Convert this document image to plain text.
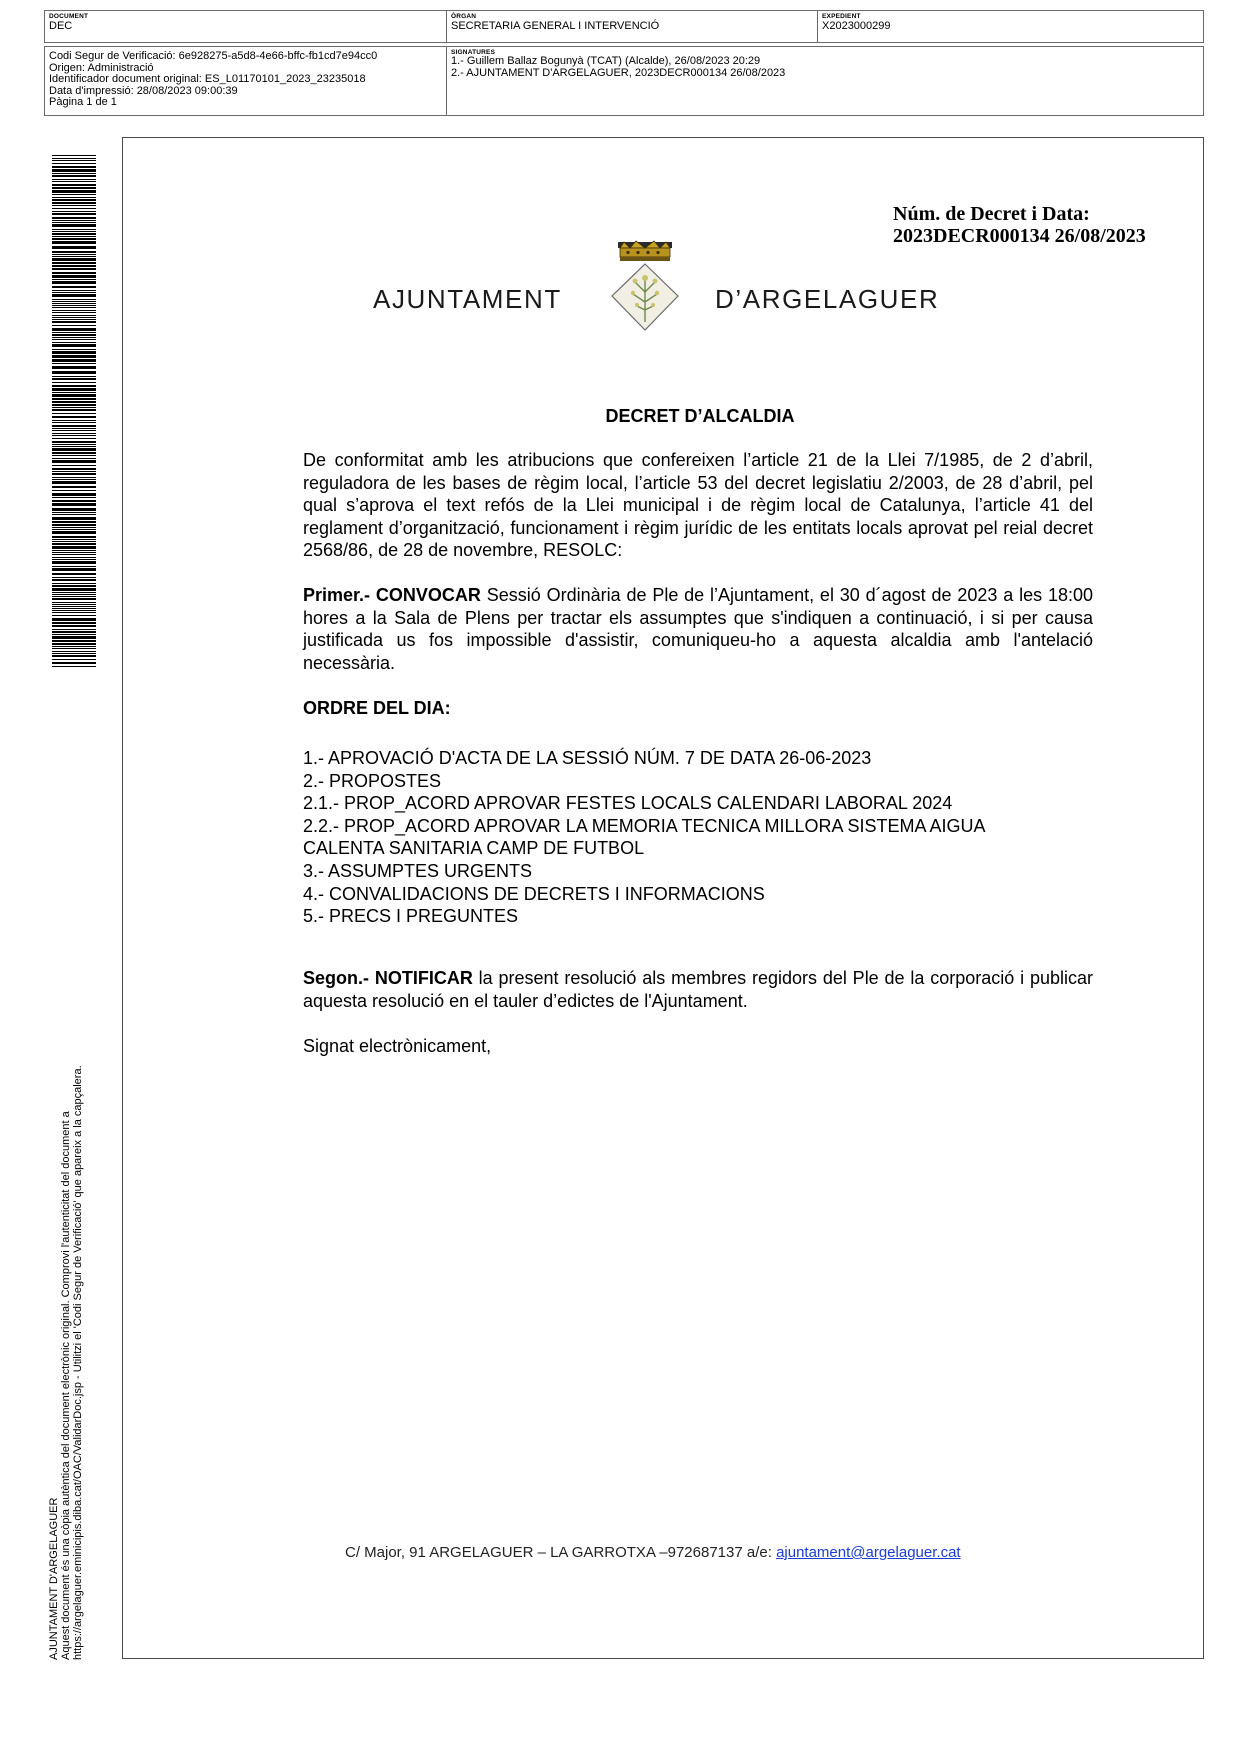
DOCUMENT
DEC
ÒRGAN
SECRETARIA GENERAL I INTERVENCIÓ
EXPEDIENT
X2023000299
Codi Segur de Verificació: 6e928275-a5d8-4e66-bffc-fb1cd7e94cc0
Origen: Administració
Identificador document original: ES_L01170101_2023_23235018
Data d'impressió: 28/08/2023 09:00:39
Pàgina 1 de 1
SIGNATURES
1.- Guillem Ballaz Bogunyà (TCAT) (Alcalde), 26/08/2023 20:29
2.- AJUNTAMENT D'ARGELAGUER, 2023DECR000134 26/08/2023
AJUNTAMENT D'ARGELAGUER Aquest document és una còpia autèntica del document electrònic original. Comprovi l'autenticitat del document a https://argelaguer.eminicipis.diba.cat/OAC/ValidarDoc.jsp - Utilitzi el 'Codi Segur de Verificació' que apareix a la capçalera.
Núm. de Decret i Data:
2023DECR000134 26/08/2023
AJUNTAMENT	D’ARGELAGUER
DECRET D’ALCALDIA
De conformitat amb les atribucions que confereixen l’article 21 de la Llei 7/1985, de 2 d’abril, reguladora de les bases de règim local, l’article 53 del decret legislatiu 2/2003, de 28 d’abril, pel qual s’aprova el text refós de la Llei municipal i de règim local de Catalunya, l’article 41 del reglament d’organització, funcionament i règim jurídic de les entitats locals aprovat pel reial decret 2568/86, de 28 de novembre, RESOLC:
Primer.- CONVOCAR Sessió Ordinària de Ple de l’Ajuntament, el 30 d´agost de 2023 a les 18:00 hores a la Sala de Plens per tractar els assumptes que s'indiquen a continuació, i si per causa justificada us fos impossible d'assistir, comuniqueu-ho a aquesta alcaldia amb l'antelació necessària.
ORDRE DEL DIA:
1.- APROVACIÓ D'ACTA DE LA SESSIÓ NÚM. 7 DE DATA 26-06-2023
2.- PROPOSTES
2.1.- PROP_ACORD APROVAR FESTES LOCALS CALENDARI LABORAL 2024
2.2.- PROP_ACORD APROVAR LA MEMORIA TECNICA MILLORA SISTEMA AIGUA
CALENTA SANITARIA CAMP DE FUTBOL
3.- ASSUMPTES URGENTS
4.- CONVALIDACIONS DE DECRETS I INFORMACIONS
5.- PRECS I PREGUNTES
Segon.- NOTIFICAR la present resolució als membres regidors del Ple de la corporació i publicar aquesta resolució en el tauler d’edictes de l'Ajuntament.
Signat electrònicament,
C/ Major, 91 ARGELAGUER – LA GARROTXA –972687137 a/e: ajuntament@argelaguer.cat
